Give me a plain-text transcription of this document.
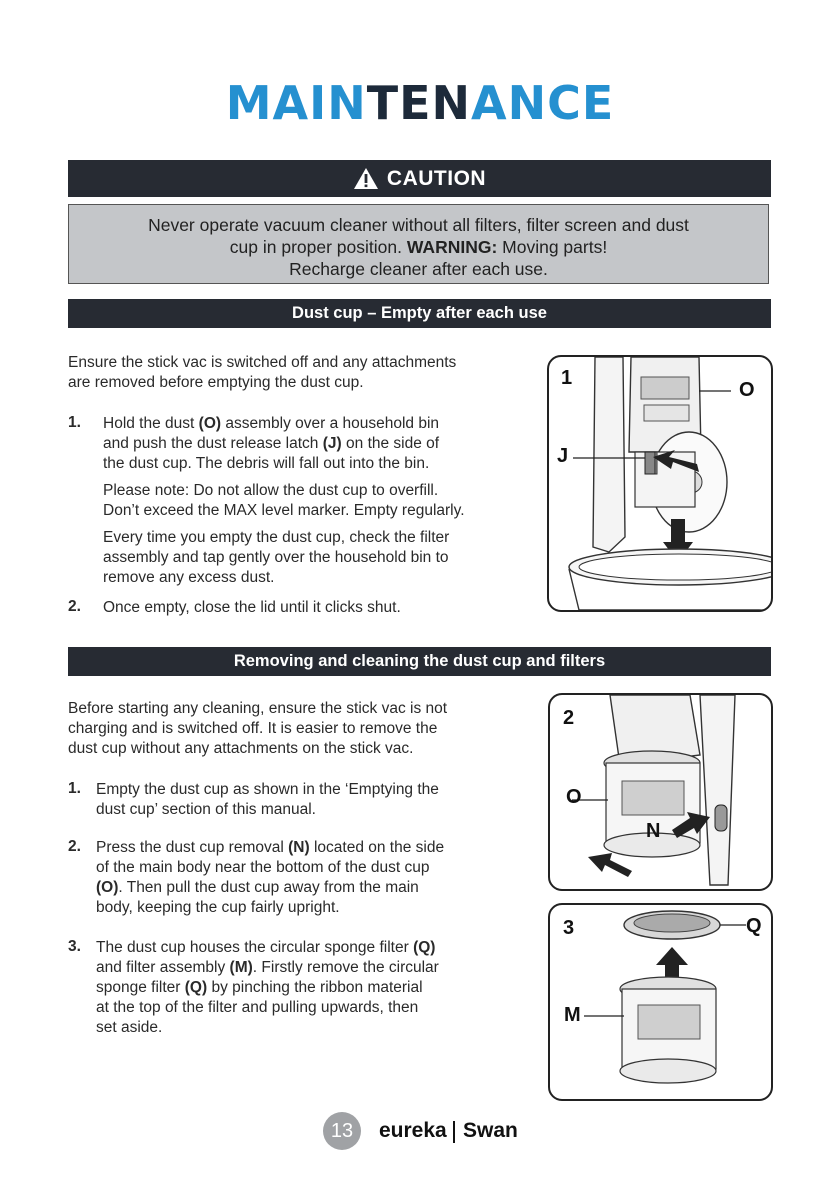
MAINTENANCE
CAUTION
Never operate vacuum cleaner without all filters, filter screen and dust
cup in proper position. WARNING: Moving parts!
Recharge cleaner after each use.
Dust cup – Empty after each use
Ensure the stick vac is switched off and any attachments
are removed before emptying the dust cup.
1. Hold the dust (O) assembly over a household bin
and push the dust release latch (J) on the side of
the dust cup. The debris will fall out into the bin.
Please note: Do not allow the dust cup to overfill.
Don’t exceed the MAX level marker. Empty regularly.
Every time you empty the dust cup, check the filter
assembly and tap gently over the household bin to
remove any excess dust.
2. Once empty, close the lid until it clicks shut.
1
O
J
Removing and cleaning the dust cup and filters
Before starting any cleaning, ensure the stick vac is not
charging and is switched off. It is easier to remove the
dust cup without any attachments on the stick vac.
1. Empty the dust cup as shown in the ‘Emptying the
dust cup’ section of this manual.
2. Press the dust cup removal (N) located on the side
of the main body near the bottom of the dust cup
(O). Then pull the dust cup away from the main
body, keeping the cup fairly upright.
3. The dust cup houses the circular sponge filter (Q)
and filter assembly (M). Firstly remove the circular
sponge filter (Q) by pinching the ribbon material
at the top of the filter and pulling upwards, then
set aside.
2
O
N
3	Q
M
13	eureka Swan
